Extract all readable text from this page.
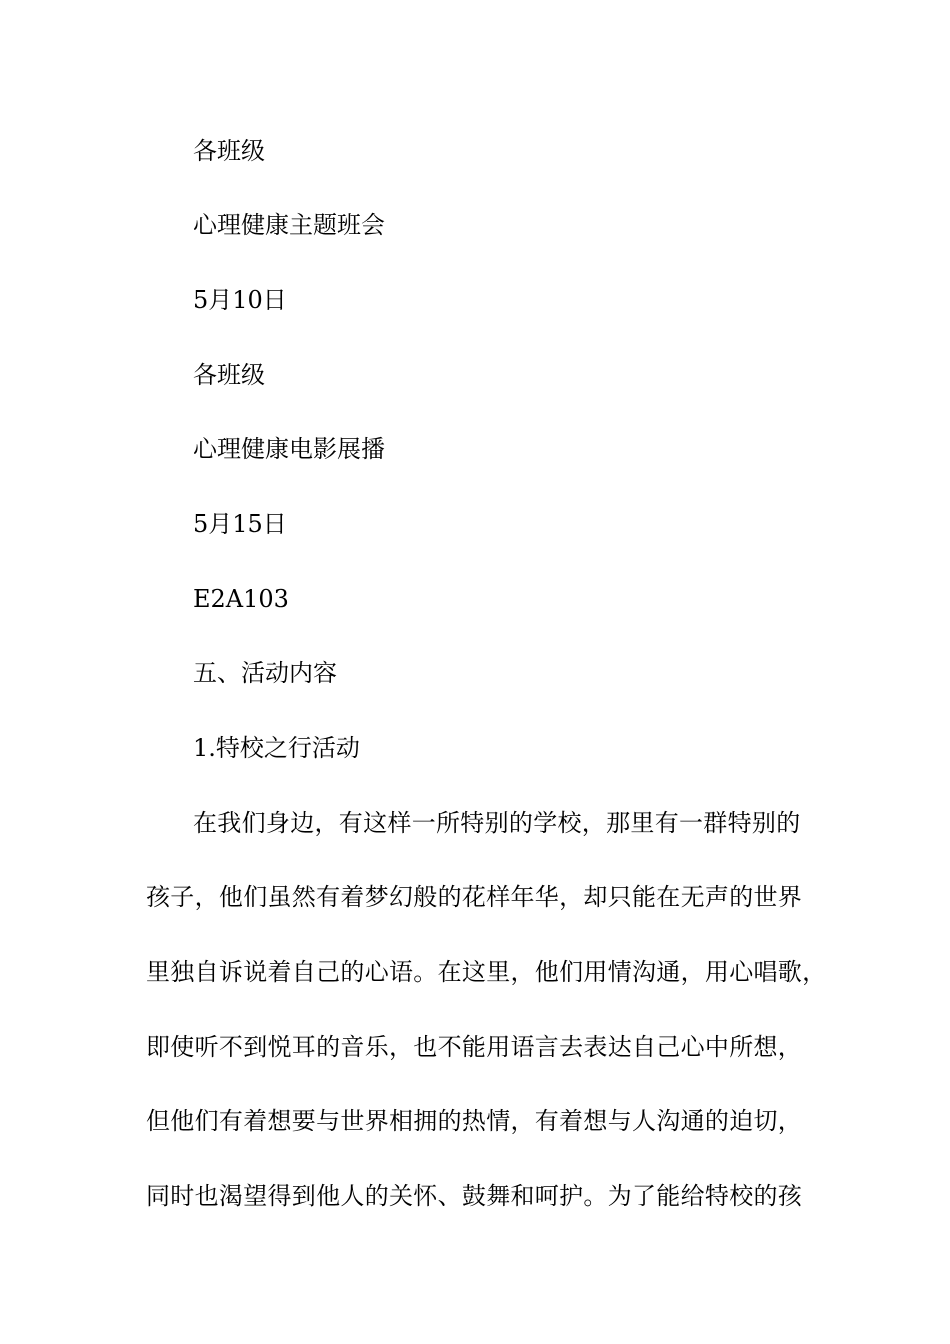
各班级
心理健康主题班会
5月10日
各班级
心理健康电影展播
5月15日
E2A103
五、活动内容
1.特校之行活动
在我们身边，有这样一所特别的学校，那里有一群特别的
孩子，他们虽然有着梦幻般的花样年华，却只能在无声的世界
里独自诉说着自己的心语。在这里，他们用情沟通，用心唱歌，
即使听不到悦耳的音乐，也不能用语言去表达自己心中所想，
但他们有着想要与世界相拥的热情，有着想与人沟通的迫切，
同时也渴望得到他人的关怀、鼓舞和呵护。为了能给特校的孩
